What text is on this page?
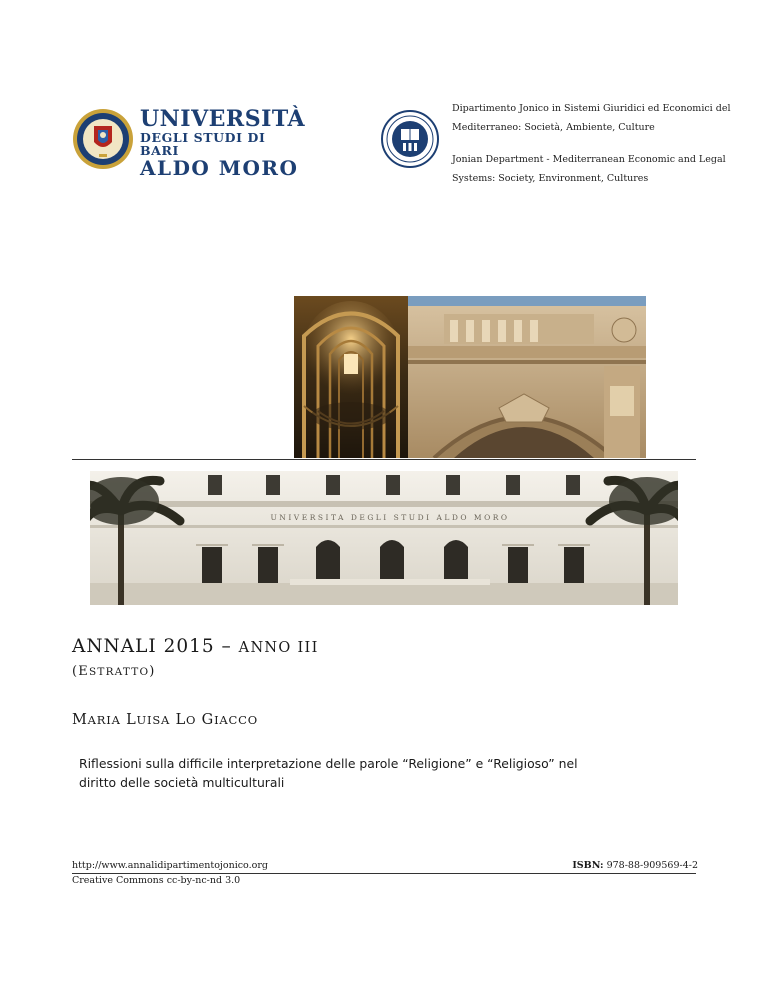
UNIVERSITÀ
DEGLI STUDI DI BARI
ALDO MORO

Dipartimento Jonico in Sistemi Giuridici ed Economici del

Mediterraneo: Società, Ambiente, Culture

Jonian Department - Mediterranean Economic and Legal

Systems: Society, Environment, Cultures

UNIVERSITA DEGLI STUDI ALDO MORO
ANNALI 2015 – ANNO III
(ESTRATTO)
MARIA LUISA LO GIACCO
Riflessioni sulla difficile interpretazione delle parole “Religione” e “Religioso” nel
diritto delle società multiculturali
http://www.annalidipartimentojonico.org	ISBN: 978-88-909569-4-2
Creative Commons cc-by-nc-nd 3.0
